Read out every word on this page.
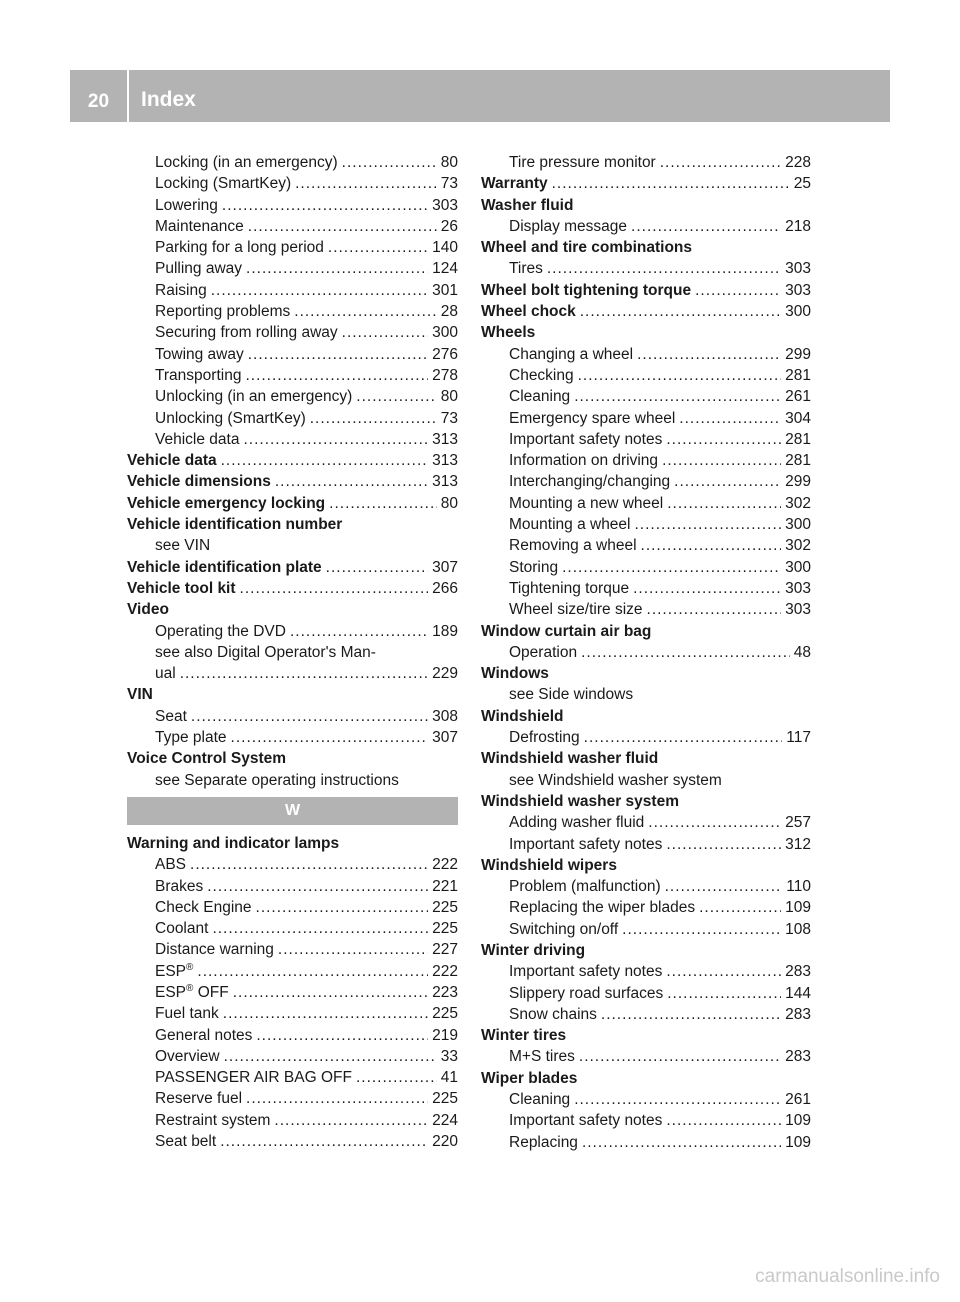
20	Index
Locking (in an emergency) .....	80
Locking (SmartKey) .....	73
Lowering .....	303
Maintenance .....	26
Parking for a long period .....	140
Pulling away .....	124
Raising .....	301
Reporting problems .....	28
Securing from rolling away .....	300
Towing away .....	276
Transporting .....	278
Unlocking (in an emergency) .....	80
Unlocking (SmartKey) .....	73
Vehicle data .....	313
Vehicle data .....	313
Vehicle dimensions .....	313
Vehicle emergency locking .....	80
Vehicle identification number
see VIN
Vehicle identification plate .....	307
Vehicle tool kit .....	266
Video
Operating the DVD .....	189
see also Digital Operator's Man-
ual .....	229
VIN
Seat .....	308
Type plate .....	307
Voice Control System
see Separate operating instructions
W
Warning and indicator lamps
ABS .....	222
Brakes .....	221
Check Engine .....	225
Coolant .....	225
Distance warning .....	227
ESP® .....	222
ESP® OFF .....	223
Fuel tank .....	225
General notes .....	219
Overview .....	33
PASSENGER AIR BAG OFF .....	41
Reserve fuel .....	225
Restraint system .....	224
Seat belt .....	220
Tire pressure monitor .....	228
Warranty .....	25
Washer fluid
Display message .....	218
Wheel and tire combinations
Tires .....	303
Wheel bolt tightening torque .....	303
Wheel chock .....	300
Wheels
Changing a wheel .....	299
Checking .....	281
Cleaning .....	261
Emergency spare wheel .....	304
Important safety notes .....	281
Information on driving .....	281
Interchanging/changing .....	299
Mounting a new wheel .....	302
Mounting a wheel .....	300
Removing a wheel .....	302
Storing .....	300
Tightening torque .....	303
Wheel size/tire size .....	303
Window curtain air bag
Operation .....	48
Windows
see Side windows
Windshield
Defrosting .....	117
Windshield washer fluid
see Windshield washer system
Windshield washer system
Adding washer fluid .....	257
Important safety notes .....	312
Windshield wipers
Problem (malfunction) .....	110
Replacing the wiper blades .....	109
Switching on/off .....	108
Winter driving
Important safety notes .....	283
Slippery road surfaces .....	144
Snow chains .....	283
Winter tires
M+S tires .....	283
Wiper blades
Cleaning .....	261
Important safety notes .....	109
Replacing .....	109
carmanualsonline.info
